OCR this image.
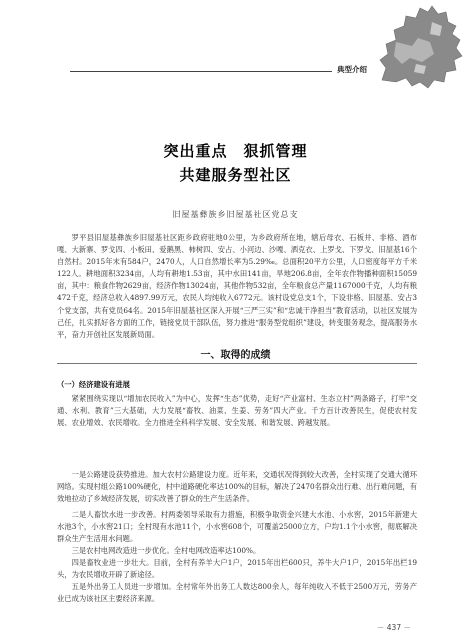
典型介绍
突出重点　狠抓管理
共建服务型社区
旧屋基彝族乡旧屋基社区党总支

罗平县旧屋基彝族乡旧屋基社区距乡政府驻地0公里，为乡政府所在地，辖后母衣、石板井、非格、酒布嘎、大新寨、罗戈四、小板田、爱鹅黑、柿树四、安占、小河边、沙嘎、洒克衣、上罗戈、下罗戈、旧屋基16个自然村。2015年末有584户，2470人，人口自然增长率为5.29‰。总面积20平方公里，人口密度每平方千米122人。耕地面积3234亩，人均有耕地1.53亩，其中水田141亩，旱地206.8亩，全年农作物播种面积15059亩，其中：粮食作物2629亩，经济作物13024亩，其他作物532亩，全年粮食总产量1167000千克，人均有粮472千克，经济总收入4897.99万元，农民人均纯收入6772元。该村设党总支1个，下设非格、旧屋基、安占3个党支部，共有党员64名。2015年旧屋基社区深入开展“三严三实”和“忠诚干净担当”教育活动，以社区发展为己任，扎实抓好各方面的工作，链接党员干部队伍，努力推进“服务型党组织”建设，转变服务观念，提高服务水平，奋力开创社区发展新局面。

一、取得的成绩
（一）经济建设有进展

紧紧围绕实现以“增加农民收入”为中心，发挥“生态”优势，走好“产业富村、生态立村”两条路子，打牢“交通、水利、教育”三大基础，大力发展“畜牧、油菜、生姜、劳务”四大产业。千方百计改善民生，促使农村发展、农业增效、农民增收。全力推进全科科学发展、安全发展、和谐发展、跨越发展。

一是公路建设获势推进。加大农村公路建设力度。近年来，交通状况得到较大改善，全村实现了交通大循环网络。实现村组公路100%硬化，村中道路硬化率达100%的目标，解决了2470名群众出行难、出行难问题，有效地拉动了乡域经济发展，切实改善了群众的生产生活条件。

二是人畜饮水进一步改善。村两委领导采取有力措施，积极争取资金兴建大水池、小水窖，2015年新建大水池3个，小水窖21口；全村现有水池11个，小水窖608个，可覆盖25000立方，户均1.1个小水窖，彻底解决群众生产生活用水问题。

三是农村电网改造进一步优化。全村电网改造率达100%。

四是畜牧业进一步壮大。目前，全村有养羊大户1户，2015年出栏600只，养牛大户1户，2015年出栏19头，为农民增收开辟了新途径。

五是外出务工人员进一步增加。全村常年外出务工人数达800余人，每年纯收入不低于2500万元，劳务产业已成为该社区主要经济来源。

－ 437 －
